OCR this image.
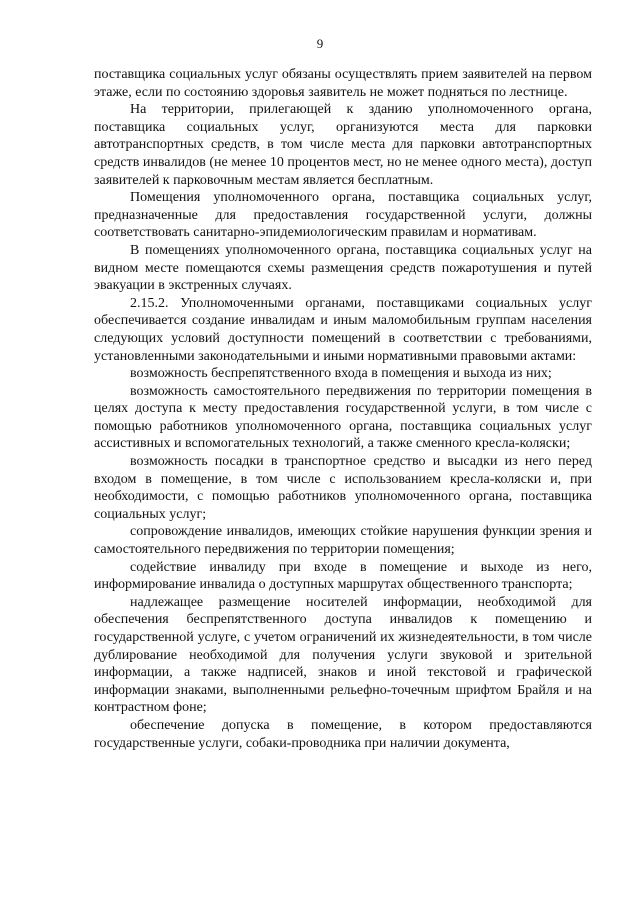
9

поставщика социальных услуг обязаны осуществлять прием заявителей на первом этаже, если по состоянию здоровья заявитель не может подняться по лестнице.

На территории, прилегающей к зданию уполномоченного органа, поставщика социальных услуг, организуются места для парковки автотранспортных средств, в том числе места для парковки автотранспортных средств инвалидов (не менее 10 процентов мест, но не менее одного места), доступ заявителей к парковочным местам является бесплатным.

Помещения уполномоченного органа, поставщика социальных услуг, предназначенные для предоставления государственной услуги, должны соответствовать санитарно-эпидемиологическим правилам и нормативам.

В помещениях уполномоченного органа, поставщика социальных услуг на видном месте помещаются схемы размещения средств пожаротушения и путей эвакуации в экстренных случаях.

2.15.2. Уполномоченными органами, поставщиками социальных услуг обеспечивается создание инвалидам и иным маломобильным группам населения следующих условий доступности помещений в соответствии с требованиями, установленными законодательными и иными нормативными правовыми актами:

возможность беспрепятственного входа в помещения и выхода из них;

возможность самостоятельного передвижения по территории помещения в целях доступа к месту предоставления государственной услуги, в том числе с помощью работников уполномоченного органа, поставщика социальных услуг ассистивных и вспомогательных технологий, а также сменного кресла-коляски;

возможность посадки в транспортное средство и высадки из него перед входом в помещение, в том числе с использованием кресла-коляски и, при необходимости, с помощью работников уполномоченного органа, поставщика социальных услуг;

сопровождение инвалидов, имеющих стойкие нарушения функции зрения и самостоятельного передвижения по территории помещения;

содействие инвалиду при входе в помещение и выходе из него, информирование инвалида о доступных маршрутах общественного транспорта;

надлежащее размещение носителей информации, необходимой для обеспечения беспрепятственного доступа инвалидов к помещению и государственной услуге, с учетом ограничений их жизнедеятельности, в том числе дублирование необходимой для получения услуги звуковой и зрительной информации, а также надписей, знаков и иной текстовой и графической информации знаками, выполненными рельефно-точечным шрифтом Брайля и на контрастном фоне;

обеспечение допуска в помещение, в котором предоставляются государственные услуги, собаки-проводника при наличии документа,
